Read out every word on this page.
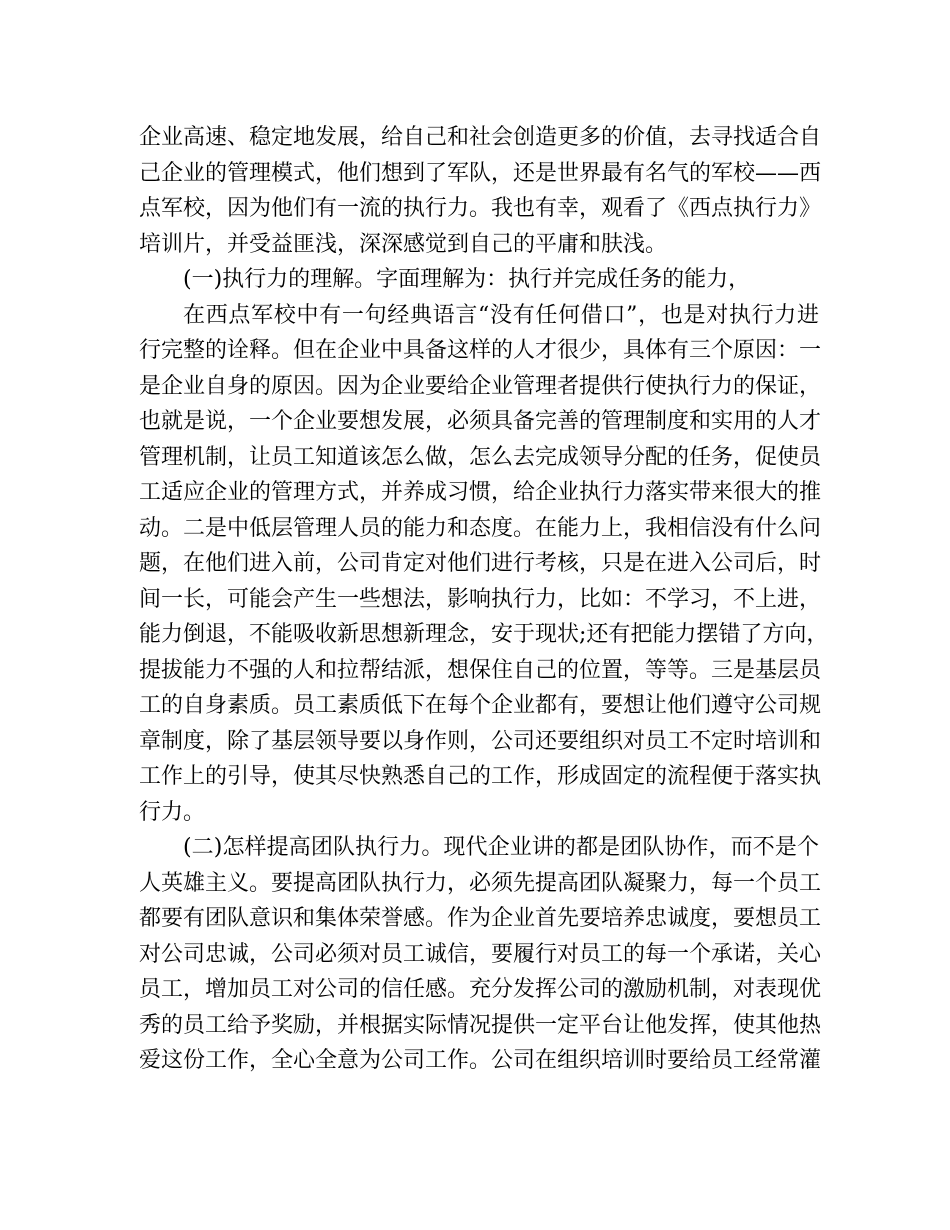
企业高速、稳定地发展，给自己和社会创造更多的价值，去寻找适合自
己企业的管理模式，他们想到了军队，还是世界最有名气的军校——西
点军校，因为他们有一流的执行力。我也有幸，观看了《西点执行力》
培训片，并受益匪浅，深深感觉到自己的平庸和肤浅。
(一)执行力的理解。字面理解为：执行并完成任务的能力，
在西点军校中有一句经典语言“没有任何借口”，也是对执行力进
行完整的诠释。但在企业中具备这样的人才很少，具体有三个原因：一
是企业自身的原因。因为企业要给企业管理者提供行使执行力的保证，
也就是说，一个企业要想发展，必须具备完善的管理制度和实用的人才
管理机制，让员工知道该怎么做，怎么去完成领导分配的任务，促使员
工适应企业的管理方式，并养成习惯，给企业执行力落实带来很大的推
动。二是中低层管理人员的能力和态度。在能力上，我相信没有什么问
题，在他们进入前，公司肯定对他们进行考核，只是在进入公司后，时
间一长，可能会产生一些想法，影响执行力，比如：不学习，不上进，
能力倒退，不能吸收新思想新理念，安于现状;还有把能力摆错了方向，
提拔能力不强的人和拉帮结派，想保住自己的位置，等等。三是基层员
工的自身素质。员工素质低下在每个企业都有，要想让他们遵守公司规
章制度，除了基层领导要以身作则，公司还要组织对员工不定时培训和
工作上的引导，使其尽快熟悉自己的工作，形成固定的流程便于落实执
行力。
(二)怎样提高团队执行力。现代企业讲的都是团队协作，而不是个
人英雄主义。要提高团队执行力，必须先提高团队凝聚力，每一个员工
都要有团队意识和集体荣誉感。作为企业首先要培养忠诚度，要想员工
对公司忠诚，公司必须对员工诚信，要履行对员工的每一个承诺，关心
员工，增加员工对公司的信任感。充分发挥公司的激励机制，对表现优
秀的员工给予奖励，并根据实际情况提供一定平台让他发挥，使其他热
爱这份工作，全心全意为公司工作。公司在组织培训时要给员工经常灌
